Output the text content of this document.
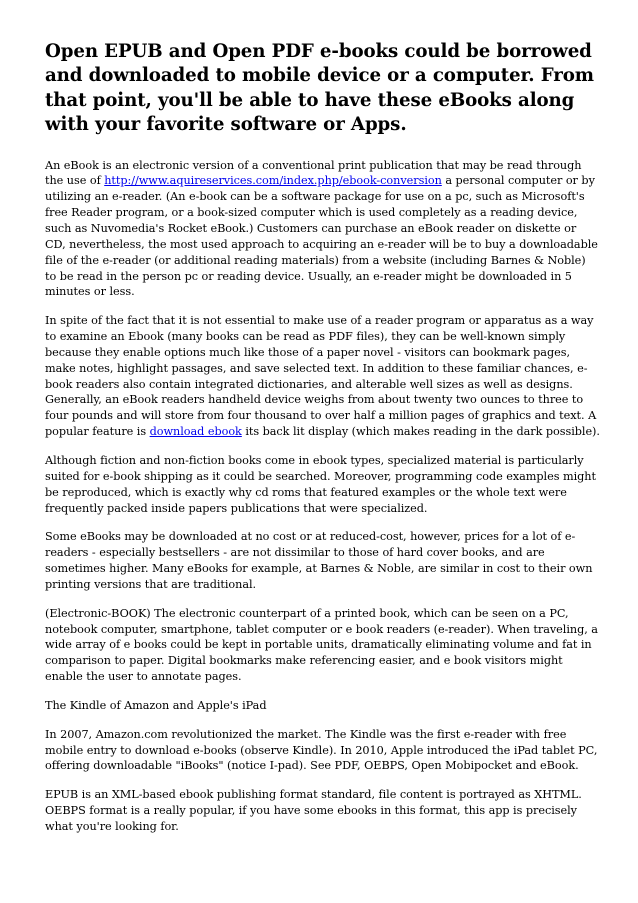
Open EPUB and Open PDF e-books could be borrowed and downloaded to mobile device or a computer. From that point, you'll be able to have these eBooks along with your favorite software or Apps.

An eBook is an electronic version of a conventional print publication that may be read through the use of http://www.aquireservices.com/index.php/ebook-conversion a personal computer or by utilizing an e-reader. (An e-book can be a software package for use on a pc, such as Microsoft's free Reader program, or a book-sized computer which is used completely as a reading device, such as Nuvomedia's Rocket eBook.) Customers can purchase an eBook reader on diskette or CD, nevertheless, the most used approach to acquiring an e-reader will be to buy a downloadable file of the e-reader (or additional reading materials) from a website (including Barnes & Noble) to be read in the person pc or reading device. Usually, an e-reader might be downloaded in 5 minutes or less.

In spite of the fact that it is not essential to make use of a reader program or apparatus as a way to examine an Ebook (many books can be read as PDF files), they can be well-known simply because they enable options much like those of a paper novel - visitors can bookmark pages, make notes, highlight passages, and save selected text. In addition to these familiar chances, e-book readers also contain integrated dictionaries, and alterable well sizes as well as designs. Generally, an eBook readers handheld device weighs from about twenty two ounces to three to four pounds and will store from four thousand to over half a million pages of graphics and text. A popular feature is download ebook its back lit display (which makes reading in the dark possible).

Although fiction and non-fiction books come in ebook types, specialized material is particularly suited for e-book shipping as it could be searched. Moreover, programming code examples might be reproduced, which is exactly why cd roms that featured examples or the whole text were frequently packed inside papers publications that were specialized.

Some eBooks may be downloaded at no cost or at reduced-cost, however, prices for a lot of e-readers - especially bestsellers - are not dissimilar to those of hard cover books, and are sometimes higher. Many eBooks for example, at Barnes & Noble, are similar in cost to their own printing versions that are traditional.

(Electronic-BOOK) The electronic counterpart of a printed book, which can be seen on a PC, notebook computer, smartphone, tablet computer or e book readers (e-reader). When traveling, a wide array of e books could be kept in portable units, dramatically eliminating volume and fat in comparison to paper. Digital bookmarks make referencing easier, and e book visitors might enable the user to annotate pages.

The Kindle of Amazon and Apple's iPad

In 2007, Amazon.com revolutionized the market. The Kindle was the first e-reader with free mobile entry to download e-books (observe Kindle). In 2010, Apple introduced the iPad tablet PC, offering downloadable "iBooks" (notice I-pad). See PDF, OEBPS, Open Mobipocket and eBook.

EPUB is an XML-based ebook publishing format standard, file content is portrayed as XHTML. OEBPS format is a really popular, if you have some ebooks in this format, this app is precisely what you're looking for.
